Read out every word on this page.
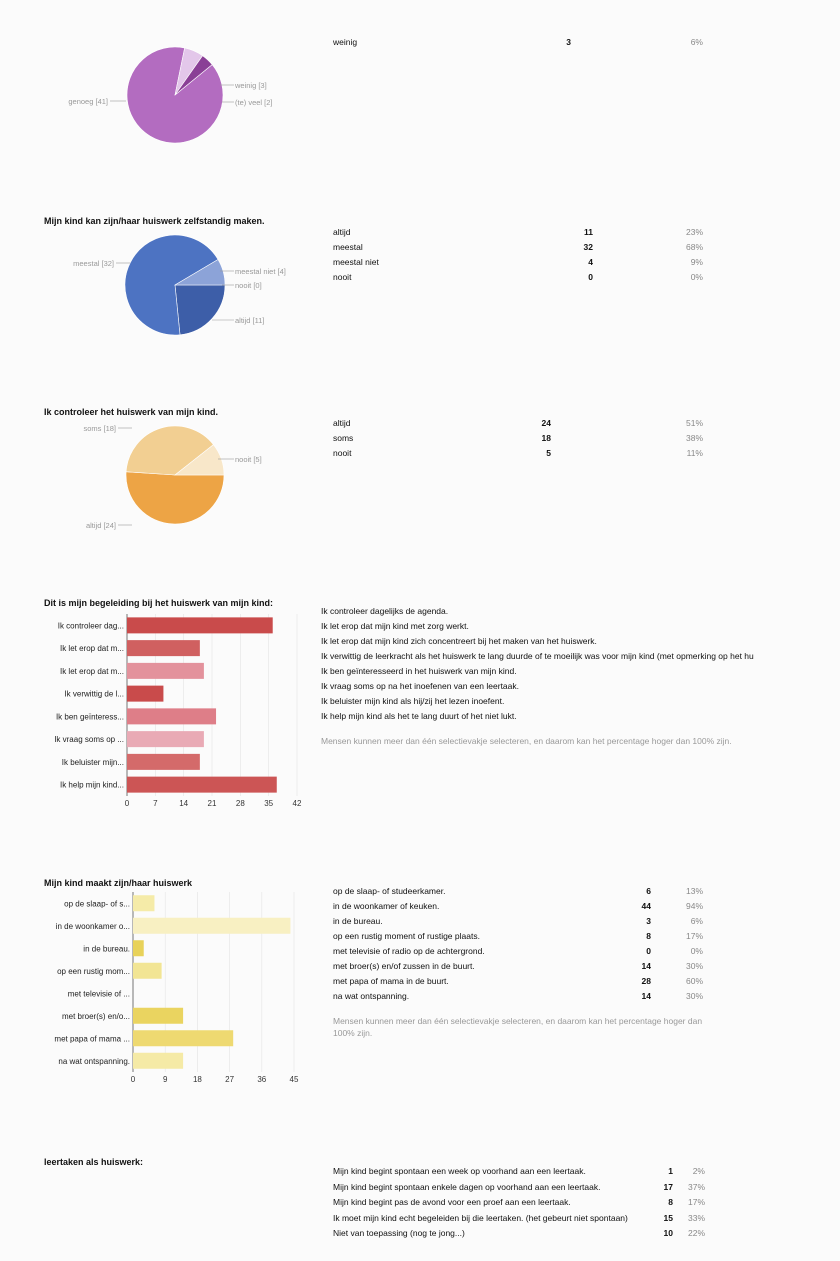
genoeg [41]
weinig [3]
(te) veel [2]
weinig	3	6%
Mijn kind kan zijn/haar huiswerk zelfstandig maken.
meestal [32]
meestal niet [4]
nooit [0]
altijd [11]
altijd	11	23%
meestal	32	68%
meestal niet	4	9%
nooit	0	0%
Ik controleer het huiswerk van mijn kind.
soms [18]
nooit [5]
altijd [24]
altijd	24	51%
soms	18	38%
nooit	5	11%
Dit is mijn begeleiding bij het huiswerk van mijn kind:
0	7	14 21 28 35 42
Ik controleer dag...
Ik let erop dat m...
Ik let erop dat m...
Ik verwittig de l...
Ik ben geïnteress...
Ik vraag soms op ...
Ik beluister mijn...
Ik help mijn kind...
Ik controleer dagelijks de agenda.
Ik let erop dat mijn kind met zorg werkt.
Ik let erop dat mijn kind zich concentreert bij het maken van het huiswerk.
Ik verwittig de leerkracht als het huiswerk te lang duurde of te moeilijk was voor mijn kind (met opmerking op het hu
Ik ben geïnteresseerd in het huiswerk van mijn kind.
Ik vraag soms op na het inoefenen van een leertaak.
Ik beluister mijn kind als hij/zij het lezen inoefent.
Ik help mijn kind als het te lang duurt of het niet lukt.
Mensen kunnen meer dan één selectievakje selecteren, en daarom kan het percentage hoger dan 100% zijn.
Mijn kind maakt zijn/haar huiswerk
0	9	18	27	36	45
op de slaap- of s...
in de woonkamer o...
in de bureau.
op een rustig mom...
met televisie of ...
met broer(s) en/o...
met papa of mama ...
na wat ontspanning.
op de slaap- of studeerkamer.	6	13%
in de woonkamer of keuken.	44	94%
in de bureau.	3	6%
op een rustig moment of rustige plaats.	8	17%
met televisie of radio op de achtergrond.	0	0%
met broer(s) en/of zussen in de buurt.	14	30%
met papa of mama in de buurt.	28	60%
na wat ontspanning.	14	30%
Mensen kunnen meer dan één selectievakje selecteren, en daarom kan het percentage hoger dan 100% zijn.
leertaken als huiswerk:
Mijn kind begint spontaan een week op voorhand aan een leertaak.	1	2%
Mijn kind begint spontaan enkele dagen op voorhand aan een leertaak.	17	37%
Mijn kind begint pas de avond voor een proef aan een leertaak.	8	17%
Ik moet mijn kind echt begeleiden bij die leertaken. (het gebeurt niet spontaan)	15	33%
Niet van toepassing (nog te jong...)	10	22%
